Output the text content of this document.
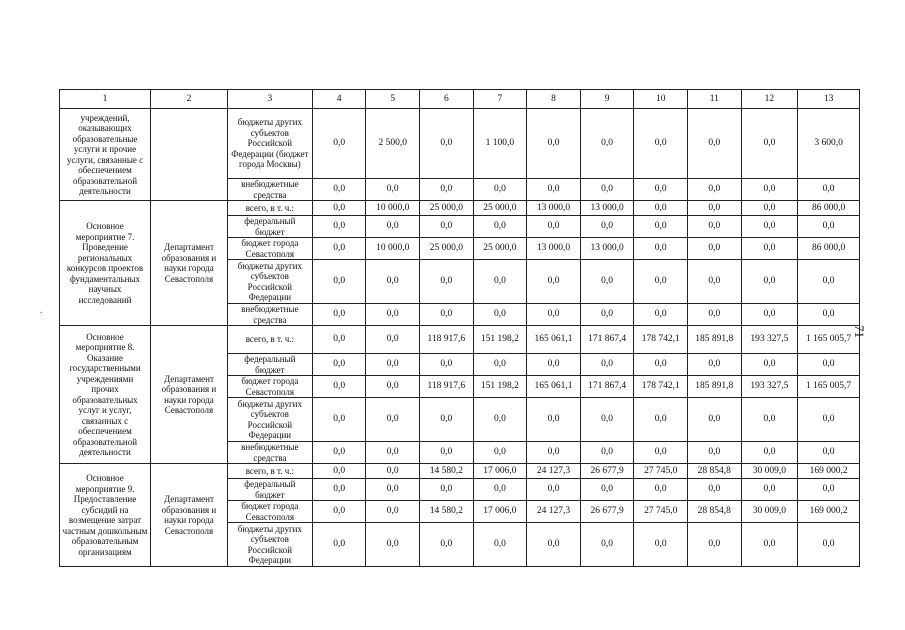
.
1	2	3	4	5	6	7	8	9	10	11	12	13
учреждений, оказывающих образовательные услуги и прочие услуги, связанные с обеспечением образовательной деятельности		бюджеты других субъектов Российской Федерации (бюджет города Москвы)	0,0	2 500,0	0,0	1 100,0	0,0	0,0	0,0	0,0	0,0	3 600,0
		внебюджетные средства	0,0	0,0	0,0	0,0	0,0	0,0	0,0	0,0	0,0	0,0
Основное мероприятие 7. Проведение региональных конкурсов проектов фундаментальных научных исследований	Департамент образования и науки города Севастополя	всего, в т. ч.:	0,0	10 000,0	25 000,0	25 000,0	13 000,0	13 000,0	0,0	0,0	0,0	86 000,0
		федеральный бюджет	0,0	0,0	0,0	0,0	0,0	0,0	0,0	0,0	0,0	0,0
		бюджет города Севастополя	0,0	10 000,0	25 000,0	25 000,0	13 000,0	13 000,0	0,0	0,0	0,0	86 000,0
		бюджеты других субъектов Российской Федерации	0,0	0,0	0,0	0,0	0,0	0,0	0,0	0,0	0,0	0,0
		внебюджетные средства	0,0	0,0	0,0	0,0	0,0	0,0	0,0	0,0	0,0	0,0
Основное мероприятие 8. Оказание государственными учреждениями прочих образовательных услуг и услуг, связанных с обеспечением образовательной деятельности	Департамент образования и науки города Севастополя	всего, в т. ч.:	0,0	0,0	118 917,6	151 198,2	165 061,1	171 867,4	178 742,1	185 891,8	193 327,5	1 165 005,7
		федеральный бюджет	0,0	0,0	0,0	0,0	0,0	0,0	0,0	0,0	0,0	0,0
		бюджет города Севастополя	0,0	0,0	118 917,6	151 198,2	165 061,1	171 867,4	178 742,1	185 891,8	193 327,5	1 165 005,7
		бюджеты других субъектов Российской Федерации	0,0	0,0	0,0	0,0	0,0	0,0	0,0	0,0	0,0	0,0
		внебюджетные средства	0,0	0,0	0,0	0,0	0,0	0,0	0,0	0,0	0,0	0,0
Основное мероприятие 9. Предоставление субсидий на возмещение затрат частным дошкольным образовательным организациям	Департамент образования и науки города Севастополя	всего, в т. ч.:	0,0	0,0	14 580,2	17 006,0	24 127,3	26 677,9	27 745,0	28 854,8	30 009,0	169 000,2
		федеральный бюджет	0,0	0,0	0,0	0,0	0,0	0,0	0,0	0,0	0,0	0,0
		бюджет города Севастополя	0,0	0,0	14 580,2	17 006,0	24 127,3	26 677,9	27 745,0	28 854,8	30 009,0	169 000,2
		бюджеты других субъектов Российской Федерации	0,0	0,0	0,0	0,0	0,0	0,0	0,0	0,0	0,0	0,0
71
